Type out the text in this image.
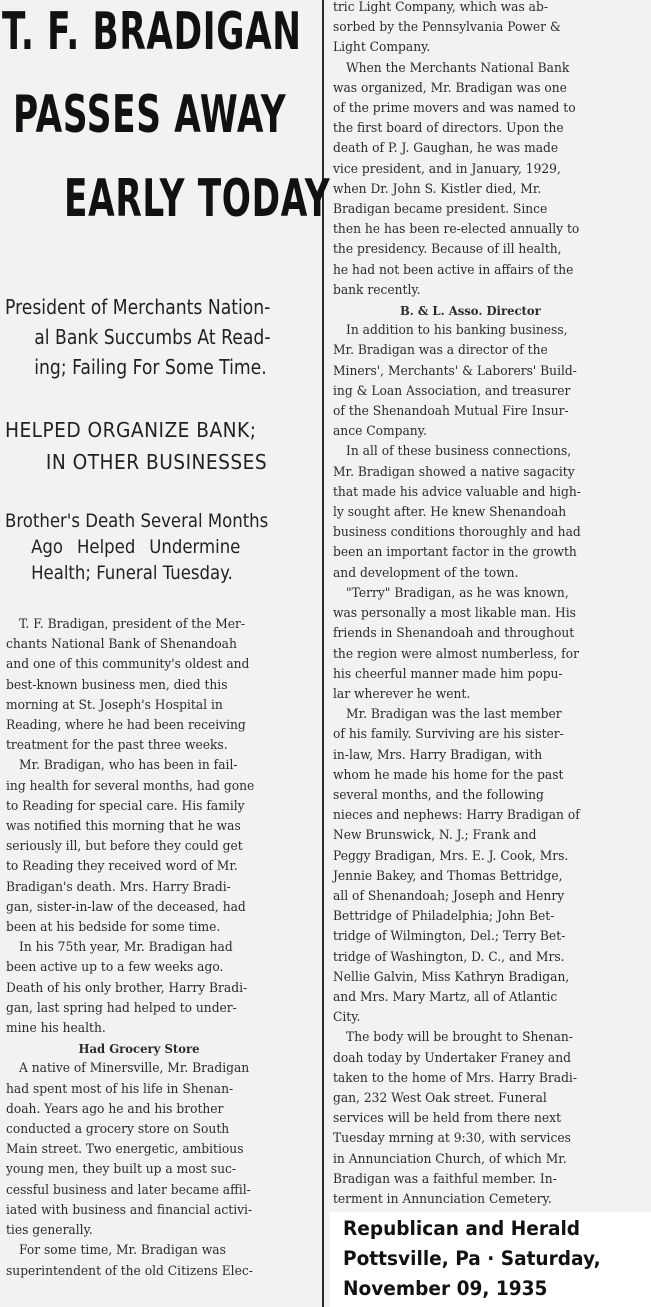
T. F. BRADIGAN
PASSES AWAY
EARLY TODAY
President of Merchants Nation-
al Bank Succumbs At Read-
ing; Failing For Some Time.
HELPED ORGANIZE BANK;
IN OTHER BUSINESSES
Brother's Death Several Months
Ago Helped Undermine
Health; Funeral Tuesday.
T. F. Bradigan, president of the Mer-
chants National Bank of Shenandoah
and one of this community's oldest and
best-known business men, died this
morning at St. Joseph's Hospital in
Reading, where he had been receiving
treatment for the past three weeks.
Mr. Bradigan, who has been in fail-
ing health for several months, had gone
to Reading for special care. His family
was notified this morning that he was
seriously ill, but before they could get
to Reading they received word of Mr.
Bradigan's death. Mrs. Harry Bradi-
gan, sister-in-law of the deceased, had
been at his bedside for some time.
In his 75th year, Mr. Bradigan had
been active up to a few weeks ago.
Death of his only brother, Harry Bradi-
gan, last spring had helped to under-
mine his health.
Had Grocery Store
A native of Minersville, Mr. Bradigan
had spent most of his life in Shenan-
doah. Years ago he and his brother
conducted a grocery store on South
Main street. Two energetic, ambitious
young men, they built up a most suc-
cessful business and later became affil-
iated with business and financial activi-
ties generally.
For some time, Mr. Bradigan was
superintendent of the old Citizens Elec-
tric Light Company, which was ab-
sorbed by the Pennsylvania Power &
Light Company.
When the Merchants National Bank
was organized, Mr. Bradigan was one
of the prime movers and was named to
the first board of directors. Upon the
death of P. J. Gaughan, he was made
vice president, and in January, 1929,
when Dr. John S. Kistler died, Mr.
Bradigan became president. Since
then he has been re-elected annually to
the presidency. Because of ill health,
he had not been active in affairs of the
bank recently.
B. & L. Asso. Director
In addition to his banking business,
Mr. Bradigan was a director of the
Miners', Merchants' & Laborers' Build-
ing & Loan Association, and treasurer
of the Shenandoah Mutual Fire Insur-
ance Company.
In all of these business connections,
Mr. Bradigan showed a native sagacity
that made his advice valuable and high-
ly sought after. He knew Shenandoah
business conditions thoroughly and had
been an important factor in the growth
and development of the town.
"Terry" Bradigan, as he was known,
was personally a most likable man. His
friends in Shenandoah and throughout
the region were almost numberless, for
his cheerful manner made him popu-
lar wherever he went.
Mr. Bradigan was the last member
of his family. Surviving are his sister-
in-law, Mrs. Harry Bradigan, with
whom he made his home for the past
several months, and the following
nieces and nephews: Harry Bradigan of
New Brunswick, N. J.; Frank and
Peggy Bradigan, Mrs. E. J. Cook, Mrs.
Jennie Bakey, and Thomas Bettridge,
all of Shenandoah; Joseph and Henry
Bettridge of Philadelphia; John Bet-
tridge of Wilmington, Del.; Terry Bet-
tridge of Washington, D. C., and Mrs.
Nellie Galvin, Miss Kathryn Bradigan,
and Mrs. Mary Martz, all of Atlantic
City.
The body will be brought to Shenan-
doah today by Undertaker Franey and
taken to the home of Mrs. Harry Bradi-
gan, 232 West Oak street. Funeral
services will be held from there next
Tuesday mrning at 9:30, with services
in Annunciation Church, of which Mr.
Bradigan was a faithful member. In-
terment in Annunciation Cemetery.
Republican and Herald
Pottsville, Pa · Saturday,
November 09, 1935
